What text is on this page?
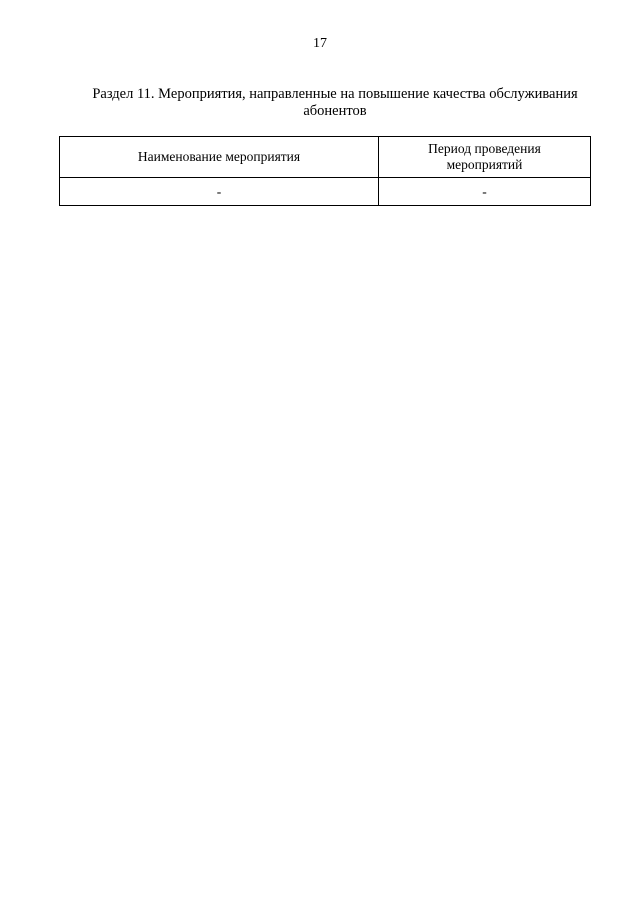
17
Раздел 11. Мероприятия, направленные на повышение качества обслуживания
абонентов
Наименование мероприятия	Период проведения
мероприятий

-	-
